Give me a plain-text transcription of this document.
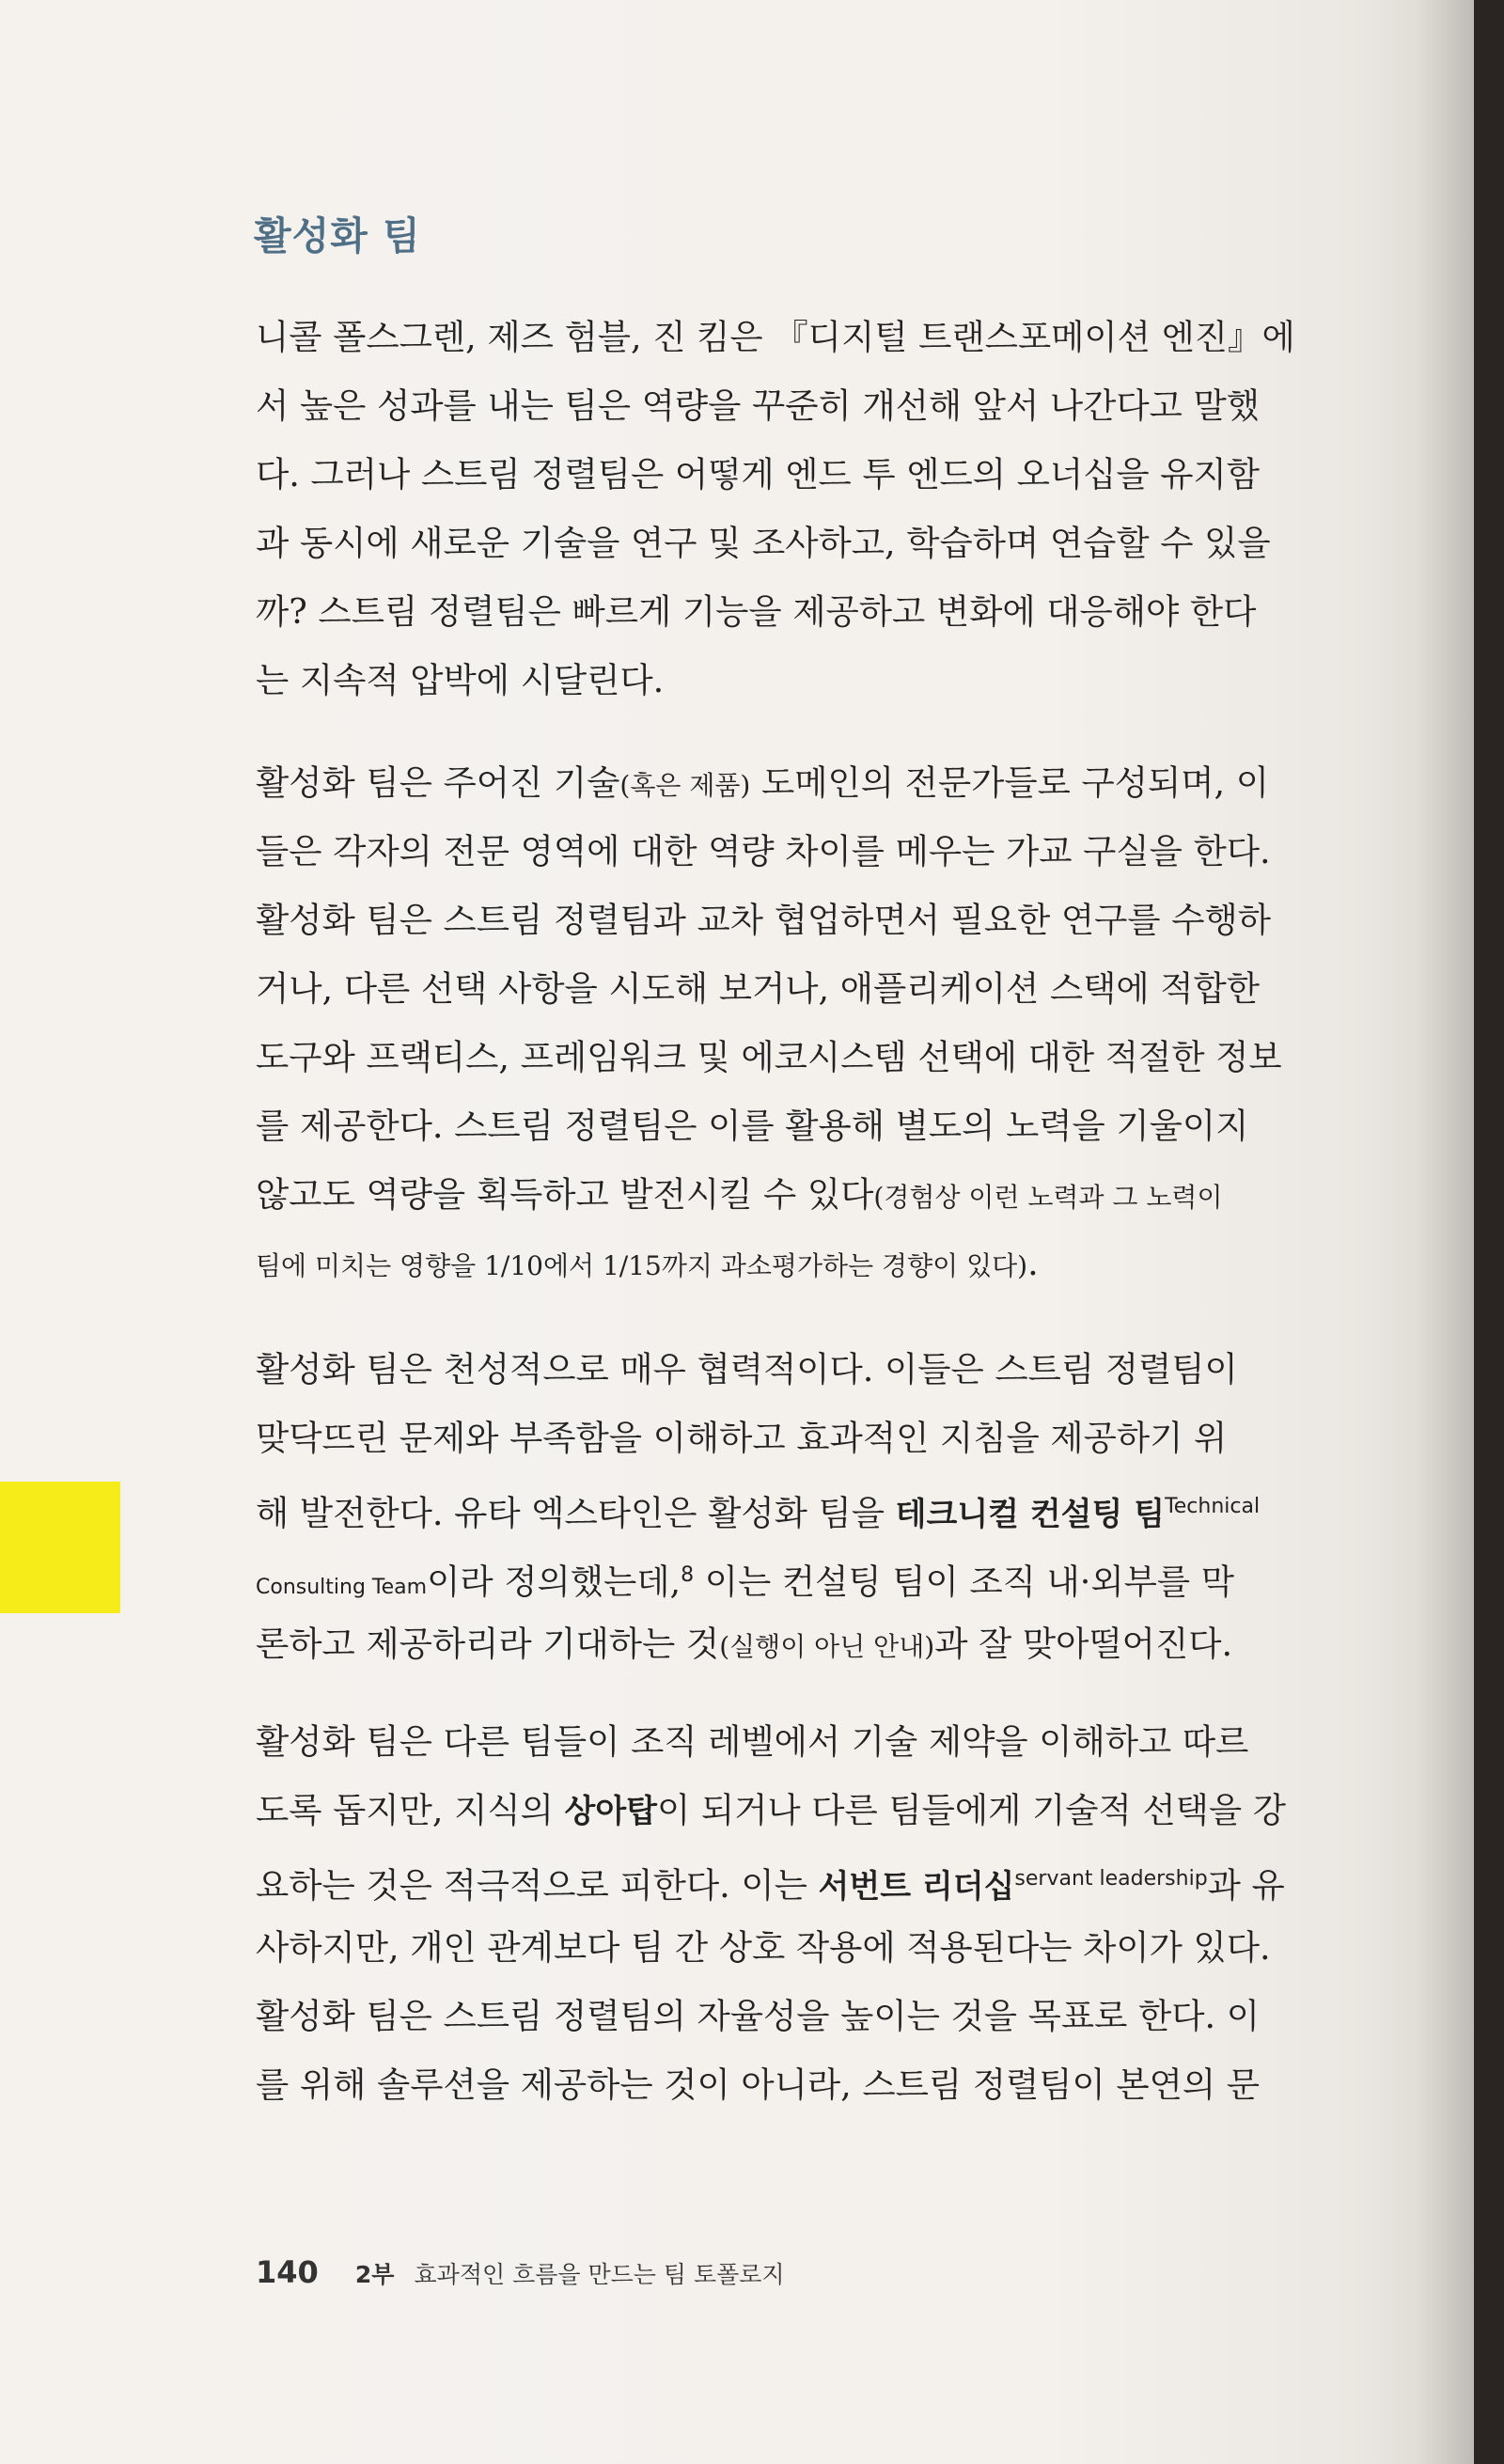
활성화 팀
니콜 폴스그렌, 제즈 험블, 진 킴은 『디지털 트랜스포메이션 엔진』에
서 높은 성과를 내는 팀은 역량을 꾸준히 개선해 앞서 나간다고 말했
다. 그러나 스트림 정렬팀은 어떻게 엔드 투 엔드의 오너십을 유지함
과 동시에 새로운 기술을 연구 및 조사하고, 학습하며 연습할 수 있을
까? 스트림 정렬팀은 빠르게 기능을 제공하고 변화에 대응해야 한다
는 지속적 압박에 시달린다.
활성화 팀은 주어진 기술(혹은 제품) 도메인의 전문가들로 구성되며, 이
들은 각자의 전문 영역에 대한 역량 차이를 메우는 가교 구실을 한다.
활성화 팀은 스트림 정렬팀과 교차 협업하면서 필요한 연구를 수행하
거나, 다른 선택 사항을 시도해 보거나, 애플리케이션 스택에 적합한
도구와 프랙티스, 프레임워크 및 에코시스템 선택에 대한 적절한 정보
를 제공한다. 스트림 정렬팀은 이를 활용해 별도의 노력을 기울이지
않고도 역량을 획득하고 발전시킬 수 있다(경험상 이런 노력과 그 노력이
팀에 미치는 영향을 1/10에서 1/15까지 과소평가하는 경향이 있다).
활성화 팀은 천성적으로 매우 협력적이다. 이들은 스트림 정렬팀이
맞닥뜨린 문제와 부족함을 이해하고 효과적인 지침을 제공하기 위
해 발전한다. 유타 엑스타인은 활성화 팀을 테크니컬 컨설팅 팀$^{Technical}$
Consulting Team이라 정의했는데,$^8$ 이는 컨설팅 팀이 조직 내·외부를 막
론하고 제공하리라 기대하는 것(실행이 아닌 안내)과 잘 맞아떨어진다.
활성화 팀은 다른 팀들이 조직 레벨에서 기술 제약을 이해하고 따르
도록 돕지만, 지식의 상아탑이 되거나 다른 팀들에게 기술적 선택을 강
요하는 것은 적극적으로 피한다. 이는 서번트 리더십$^{servant leadership}$과 유
사하지만, 개인 관계보다 팀 간 상호 작용에 적용된다는 차이가 있다.
활성화 팀은 스트림 정렬팀의 자율성을 높이는 것을 목표로 한다. 이
를 위해 솔루션을 제공하는 것이 아니라, 스트림 정렬팀이 본연의 문
140 2부 효과적인 흐름을 만드는 팀 토폴로지
